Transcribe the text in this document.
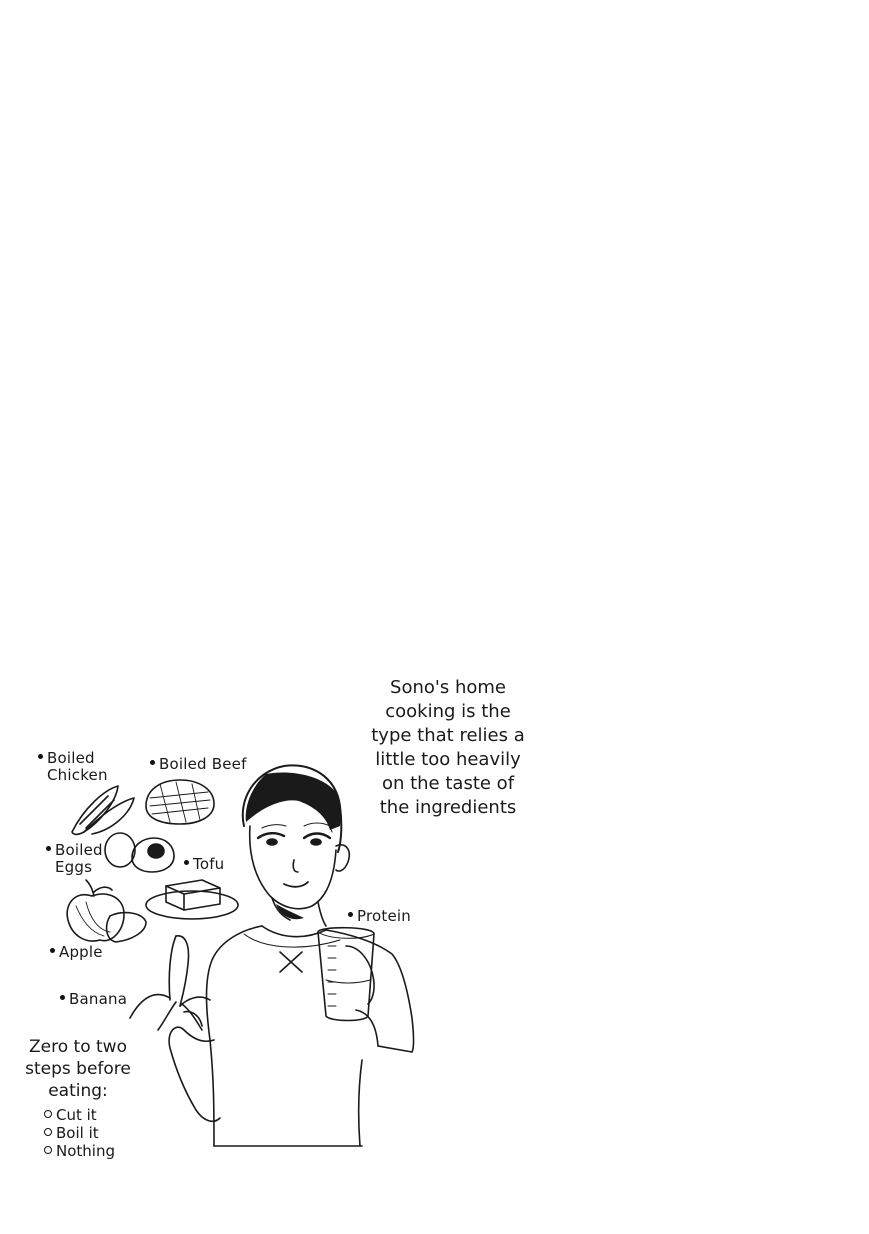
Boiled
Chicken
Boiled Beef
Boiled
Eggs	Tofu
Apple
Banana
Protein
Sono's home
cooking is the
type that relies a
little too heavily
on the taste of
the ingredients
Zero to two
steps before
eating:
Cut it
Boil it
Nothing
